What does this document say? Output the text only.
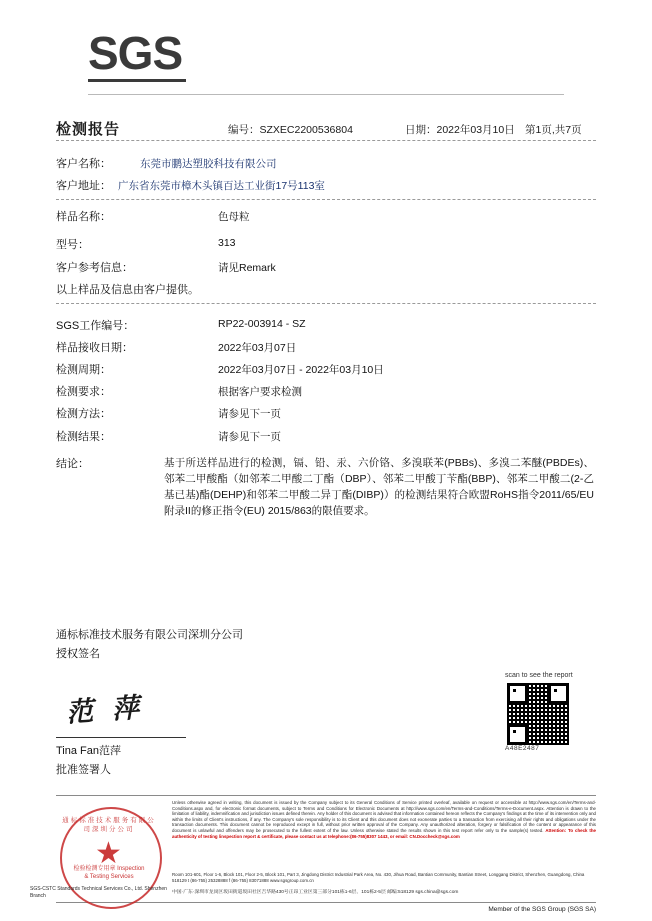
SGS
检测报告	编号：SZXEC2200536804	日期：2022年03月10日 第1页,共7页
客户名称：	东莞市鹏达塑胶科技有限公司
客户地址： 广东省东莞市樟木头镇百达工业街17号113室
样品名称：	色母粒
型号：	313
客户参考信息：	请见Remark
以上样品及信息由客户提供。
SGS工作编号：	RP22-003914 - SZ
样品接收日期：	2022年03月07日
检测周期：	2022年03月07日 - 2022年03月10日
检测要求：	根据客户要求检测
检测方法：	请参见下一页
检测结果：	请参见下一页
结论：	基于所送样品进行的检测，镉、铅、汞、六价铬、多溴联苯(PBBs)、多溴二苯醚(PBDEs)、邻苯二甲酸酯（如邻苯二甲酸二丁酯（DBP）、邻苯二甲酸丁苄酯(BBP)、邻苯二甲酸二(2-乙基已基)酯(DEHP)和邻苯二甲酸二异丁酯(DIBP)）的检测结果符合欧盟RoHS指令2011/65/EU附录II的修正指令(EU) 2015/863的限值要求。
通标标准技术服务有限公司深圳分公司
授权签名
范 萍
Tina Fan范萍
批准签署人
scan to see the report
A48E2487
Unless otherwise agreed in writing, this document is issued by the Company subject to its General Conditions of Service printed overleaf, available on request or accessible at http://www.sgs.com/en/Terms-and-Conditions.aspx and, for electronic format documents, subject to Terms and Conditions for Electronic Documents at http://www.sgs.com/en/Terms-and-Conditions/Terms-e-Document.aspx. Attention is drawn to the limitation of liability, indemnification and jurisdiction issues defined therein. Any holder of this document is advised that information contained hereon reflects the Company's findings at the time of its intervention only and within the limits of Client's instructions, if any. The Company's sole responsibility is to its Client and this document does not exonerate parties to a transaction from exercising all their rights and obligations under the transaction documents. This document cannot be reproduced except in full, without prior written approval of the Company. Any unauthorized alteration, forgery or falsification of the content or appearance of this document is unlawful and offenders may be prosecuted to the fullest extent of the law. Unless otherwise stated the results shown in this test report refer only to the sample(s) tested. Attention: To check the authenticity of testing /inspection report & certificate, please contact us at telephone:(86-755)8307 1443, or email: CN.Doccheck@sgs.com
Room 101-601, Floor 1-6, Block 101, Floor 2-5, Block 101, Part 3, Jingdong District Industrial Park Area, No. 430, Jihua Road, Bantian Community, Bantian Street, Longgang District, Shenzhen, Guangdong, China 518129 t (86-755) 25328888 f (86-755) 83071888 www.sgsgroup.com.cn
中国·广东·深圳市龙岗区坂田街道坂田社区吉华路430号正昂工业区第三部分101栋1-6层、101栋2-5层 邮编:518129 sgs.china@sgs.com
Member of the SGS Group (SGS SA)
通标标准技术服务有限公司深圳分公司
★
检验检测专用章 Inspection & Testing Services
SGS-CSTC Standards Technical Services Co., Ltd. Shenzhen Branch
